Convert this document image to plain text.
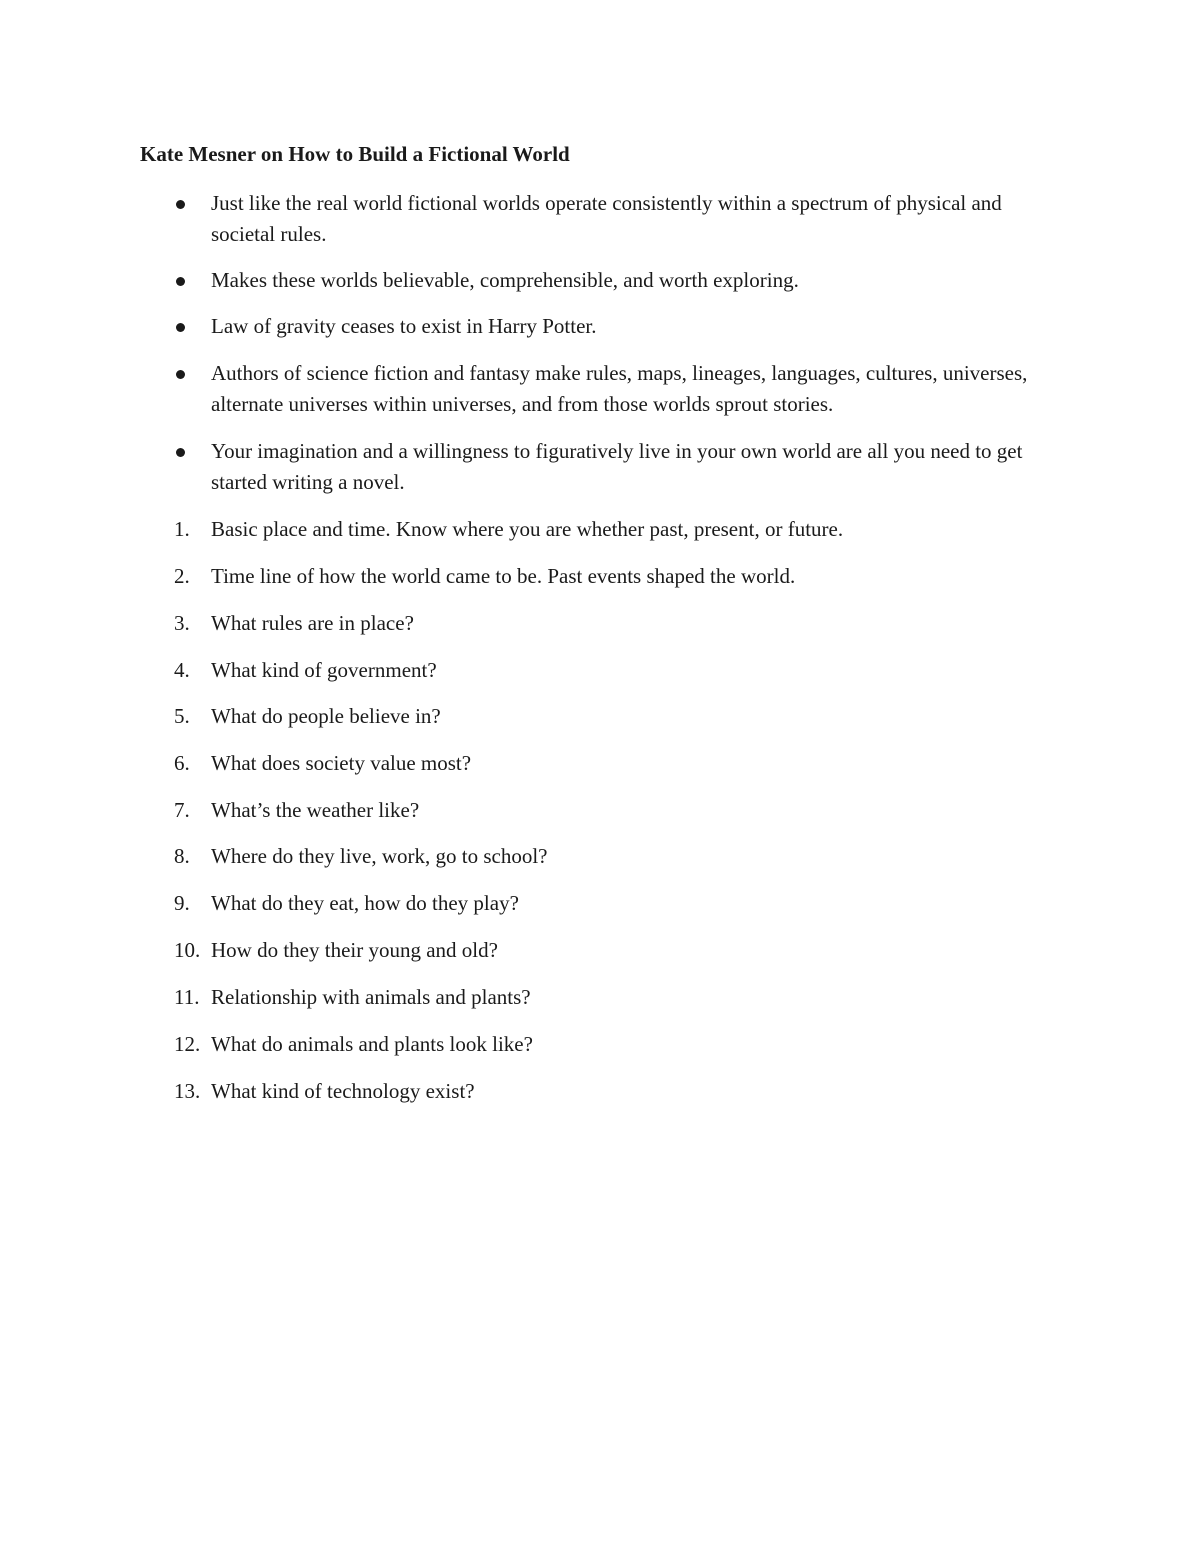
Kate Mesner on How to Build a Fictional World
Just like the real world fictional worlds operate consistently within a spectrum of physical and societal rules.
Makes these worlds believable, comprehensible, and worth exploring.
Law of gravity ceases to exist in Harry Potter.
Authors of science fiction and fantasy make rules, maps, lineages, languages, cultures, universes, alternate universes within universes, and from those worlds sprout stories.
Your imagination and a willingness to figuratively live in your own world are all you need to get started writing a novel.
1. Basic place and time. Know where you are whether past, present, or future.
2. Time line of how the world came to be. Past events shaped the world.
3. What rules are in place?
4. What kind of government?
5. What do people believe in?
6. What does society value most?
7. What’s the weather like?
8. Where do they live, work, go to school?
9. What do they eat, how do they play?
10. How do they their young and old?
11. Relationship with animals and plants?
12. What do animals and plants look like?
13. What kind of technology exist?
